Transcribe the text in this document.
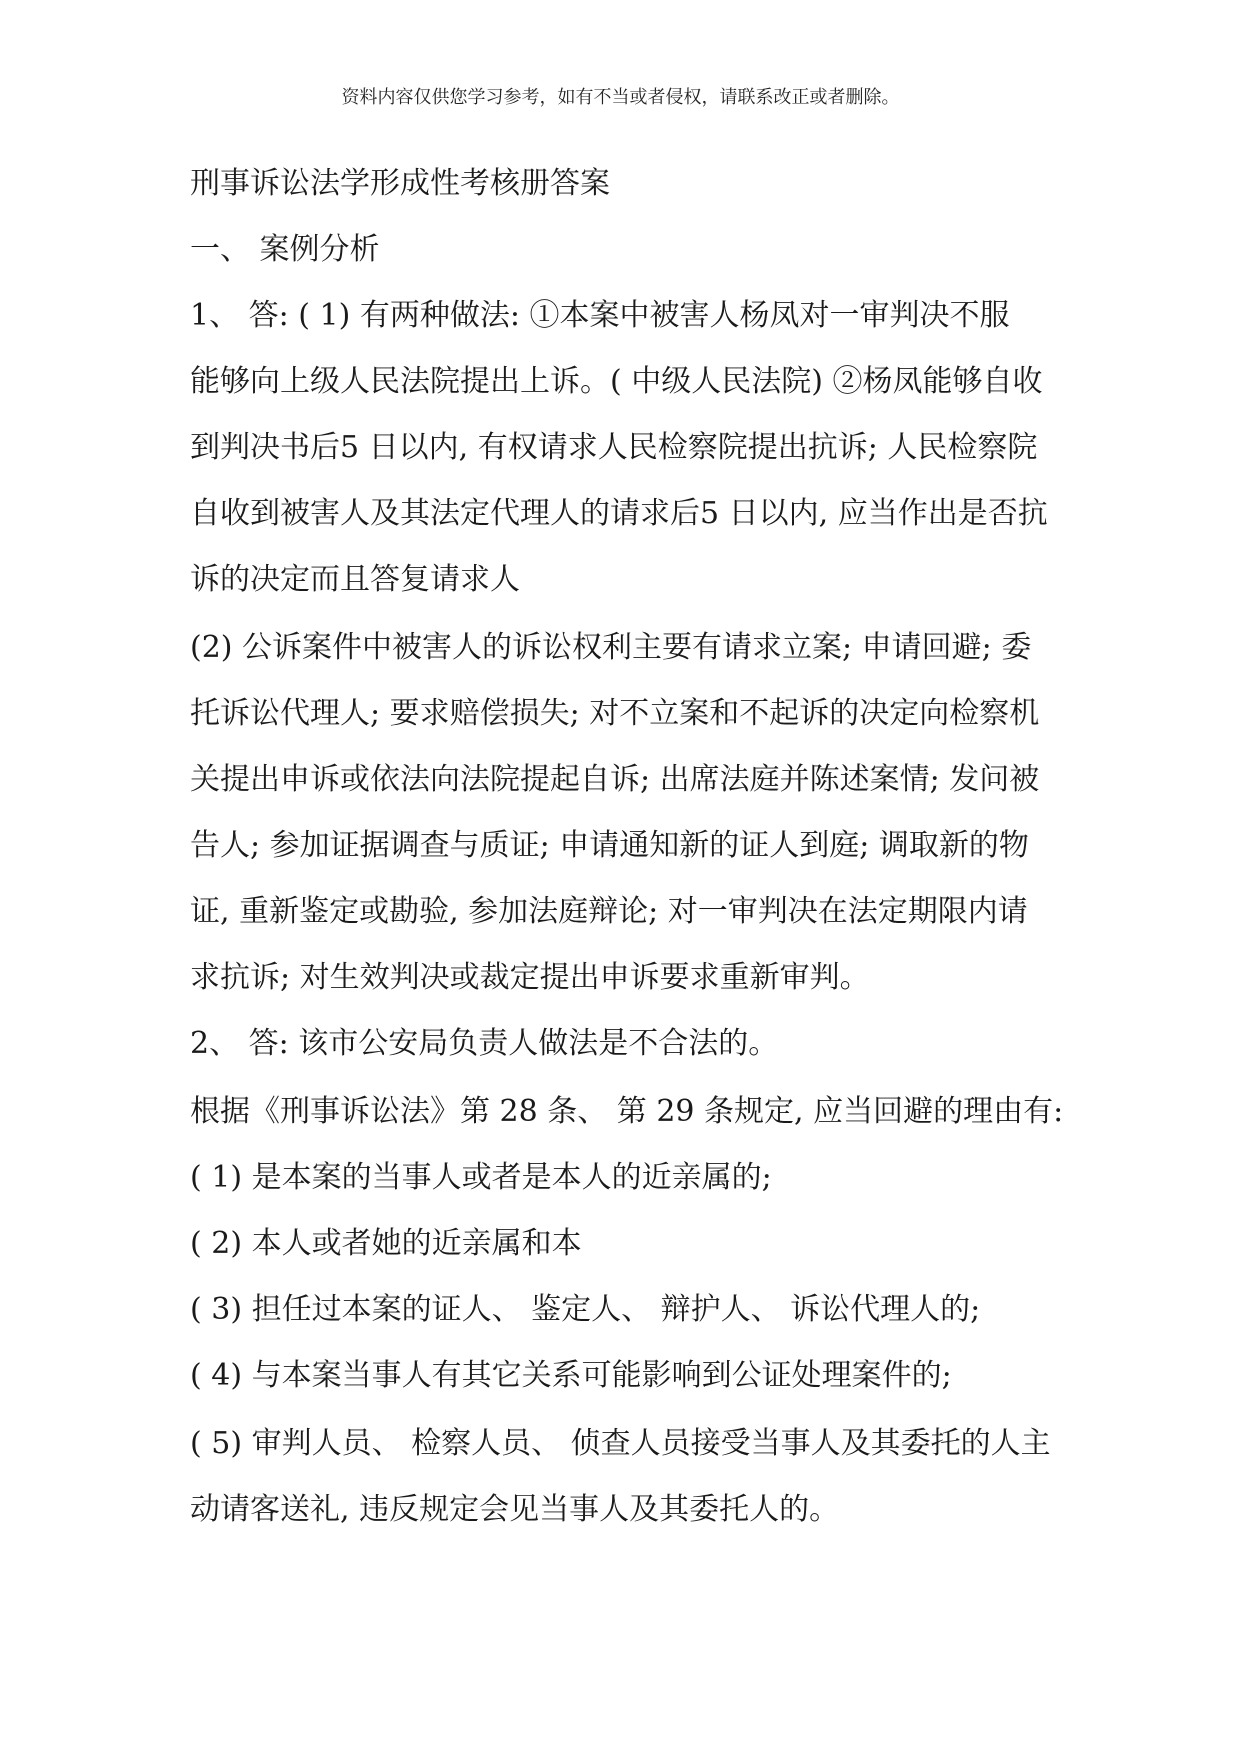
资料内容仅供您学习参考，如有不当或者侵权，请联系改正或者删除。
刑事诉讼法学形成性考核册答案
一、 案例分析
1、 答: ( 1) 有两种做法: ①本案中被害人杨凤对一审判决不服
能够向上级人民法院提出上诉。( 中级人民法院) ②杨凤能够自收
到判决书后5 日以内, 有权请求人民检察院提出抗诉; 人民检察院
自收到被害人及其法定代理人的请求后5 日以内, 应当作出是否抗
诉的决定而且答复请求人
(2) 公诉案件中被害人的诉讼权利主要有请求立案; 申请回避; 委
托诉讼代理人; 要求赔偿损失; 对不立案和不起诉的决定向检察机
关提出申诉或依法向法院提起自诉; 出席法庭并陈述案情; 发问被
告人; 参加证据调查与质证; 申请通知新的证人到庭; 调取新的物
证, 重新鉴定或勘验, 参加法庭辩论; 对一审判决在法定期限内请
求抗诉; 对生效判决或裁定提出申诉要求重新审判。
2、 答: 该市公安局负责人做法是不合法的。
根据《刑事诉讼法》第 28 条、 第 29 条规定, 应当回避的理由有:
( 1) 是本案的当事人或者是本人的近亲属的;
( 2) 本人或者她的近亲属和本
( 3) 担任过本案的证人、 鉴定人、 辩护人、 诉讼代理人的;
( 4) 与本案当事人有其它关系可能影响到公证处理案件的;
( 5) 审判人员、 检察人员、 侦查人员接受当事人及其委托的人主
动请客送礼, 违反规定会见当事人及其委托人的。
